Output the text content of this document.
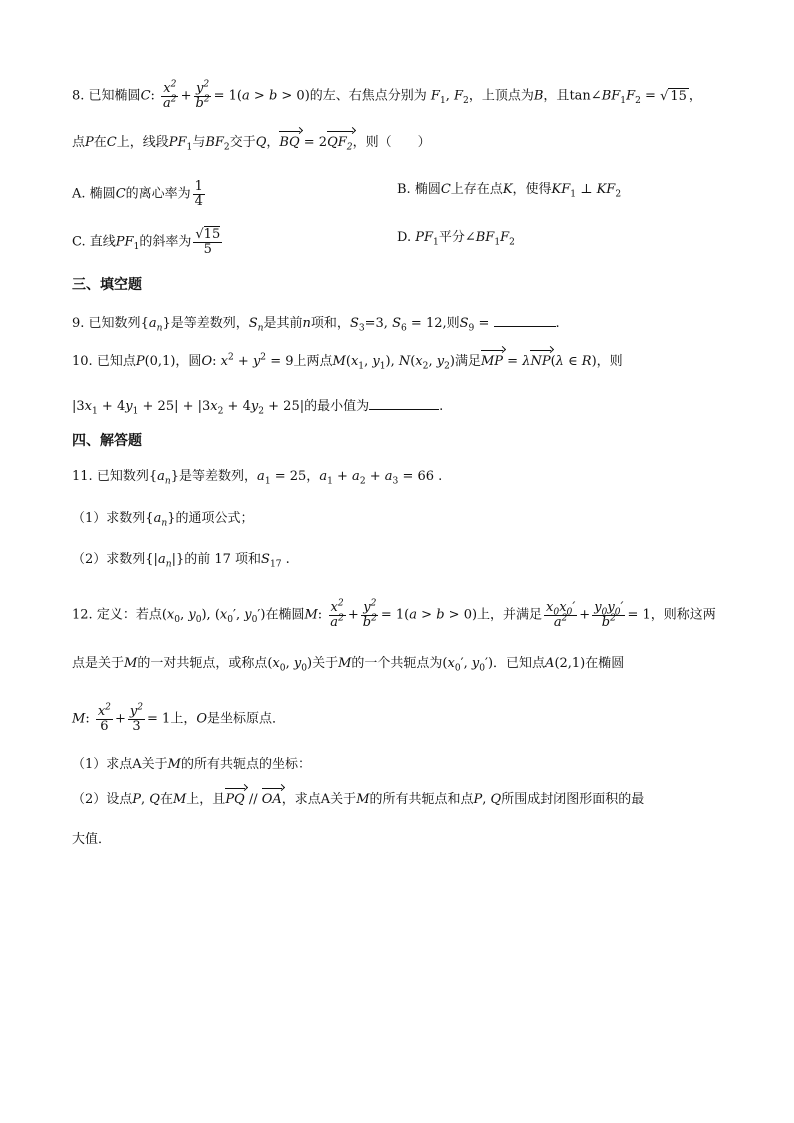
8. 已知椭圆C: $\frac{x^2}{a^2} + \frac{y^2}{b^2} = 1(a > b > 0)$的左、右焦点分别为 $F_1$, $F_2$，上顶点为B，且$\tan\angle BF_1F_2$ = √ 15 ，
点P在C上，线段$PF_1$与$BF_2$交于Q，BQ = $2QF_2$，则（　　）
A. 椭圆C的离心率为 $\frac{1}{4}$	B. 椭圆C上存在点K，使得$KF_1$ ⊥ $KF_2$
C. 直线$PF_1$的斜率为 $\frac{√15}{5}$	D. $PF_1$平分$\angle BF_1F_2$
三、填空题
9. 已知数列$\{a_n\}$是等差数列，$S_n$是其前n项和，$S_3=3$, $S_6 = 12$,则$S_9$ =	.
10. 已知点P(0,1)，圆O: $x^2 + y^2 = 9$上两点$M(x_1$, $y_1$), $N(x_2$, $y_2$)满足MP = λNP(λ ∈ R)，则
$|3x_1 + 4y_1 + 25| + |3x_2 + 4y_2 + 25|$的最小值为	.
四、解答题
11. 已知数列$\{a_n\}$是等差数列，$a_1 = 25$，$a_1 + a_2 + a_3 = 66$ .
（1）求数列$\{a_n\}$的通项公式；
（2）求数列$\{|a_n|\}$的前 17 项和$S_{17}$ .
12. 定义：若点($x_0$, $y_0$), ($x_0'$, $y_0'$)在椭圆M: $\frac{x^2}{a^2} + \frac{y^2}{b^2} = 1(a > b > 0)$上，并满足 $\frac{x_0x_0'}{a^2} + \frac{y_0y_0'}{b^2} = 1$，则称这两
点是关于M的一对共轭点，或称点($x_0$, $y_0$)关于M的一个共轭点为($x_0'$, $y_0'$)．已知点A(2,1)在椭圆
M: $\frac{x^2}{6} + \frac{y^2}{3} = 1$上，O是坐标原点．
（1）求点A关于M的所有共轭点的坐标：
（2）设点P, Q在M上，且PQ // OA，求点A关于M的所有共轭点和点P, Q所围成封闭图形面积的最
大值．
